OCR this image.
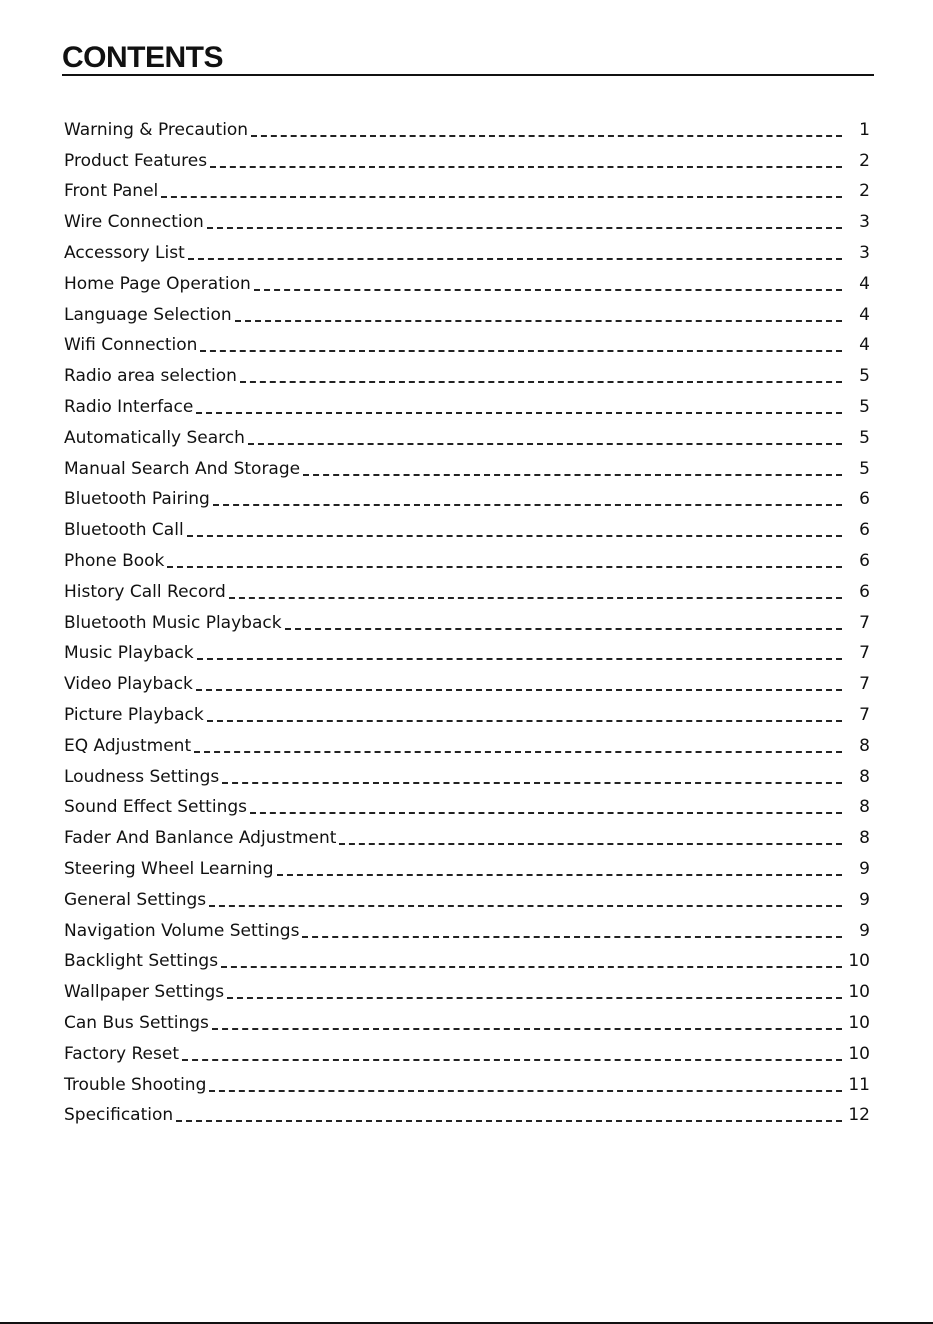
CONTENTS
Warning & Precaution	1
Product Features	2
Front Panel	2
Wire Connection	3
Accessory List	3
Home Page Operation	4
Language Selection	4
Wifi Connection	4
Radio area selection	5
Radio Interface	5
Automatically Search	5
Manual Search And Storage	5
Bluetooth Pairing	6
Bluetooth Call	6
Phone Book	6
History Call Record	6
Bluetooth Music Playback	7
Music Playback	7
Video Playback	7
Picture Playback	7
EQ Adjustment	8
Loudness Settings	8
Sound Effect Settings	8
Fader And Banlance Adjustment	8
Steering Wheel Learning	9
General Settings	9
Navigation Volume Settings	9
Backlight Settings	10
Wallpaper Settings	10
Can Bus Settings	10
Factory Reset	10
Trouble Shooting	11
Specification	12
